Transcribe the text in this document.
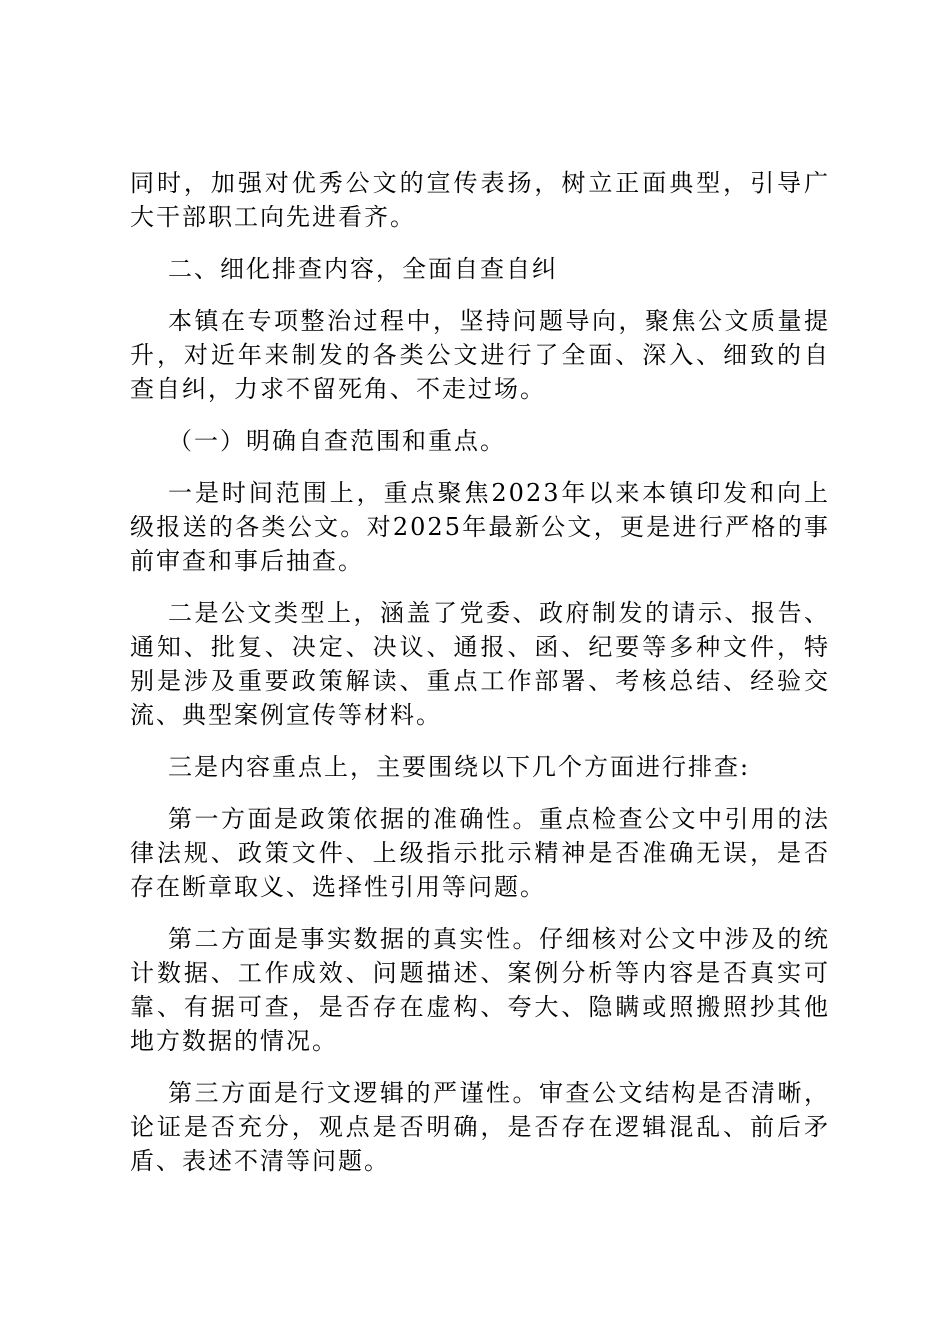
同时，加强对优秀公文的宣传表扬，树立正面典型，引导广大干部职工向先进看齐。

二、细化排查内容，全面自查自纠

本镇在专项整治过程中，坚持问题导向，聚焦公文质量提升，对近年来制发的各类公文进行了全面、深入、细致的自查自纠，力求不留死角、不走过场。

（一）明确自查范围和重点。

一是时间范围上，重点聚焦2023年以来本镇印发和向上级报送的各类公文。对2025年最新公文，更是进行严格的事前审查和事后抽查。

二是公文类型上，涵盖了党委、政府制发的请示、报告、通知、批复、决定、决议、通报、函、纪要等多种文件，特别是涉及重要政策解读、重点工作部署、考核总结、经验交流、典型案例宣传等材料。

三是内容重点上，主要围绕以下几个方面进行排查:

第一方面是政策依据的准确性。重点检查公文中引用的法律法规、政策文件、上级指示批示精神是否准确无误，是否存在断章取义、选择性引用等问题。

第二方面是事实数据的真实性。仔细核对公文中涉及的统计数据、工作成效、问题描述、案例分析等内容是否真实可靠、有据可查，是否存在虚构、夸大、隐瞒或照搬照抄其他地方数据的情况。

第三方面是行文逻辑的严谨性。审查公文结构是否清晰，论证是否充分，观点是否明确，是否存在逻辑混乱、前后矛盾、表述不清等问题。
